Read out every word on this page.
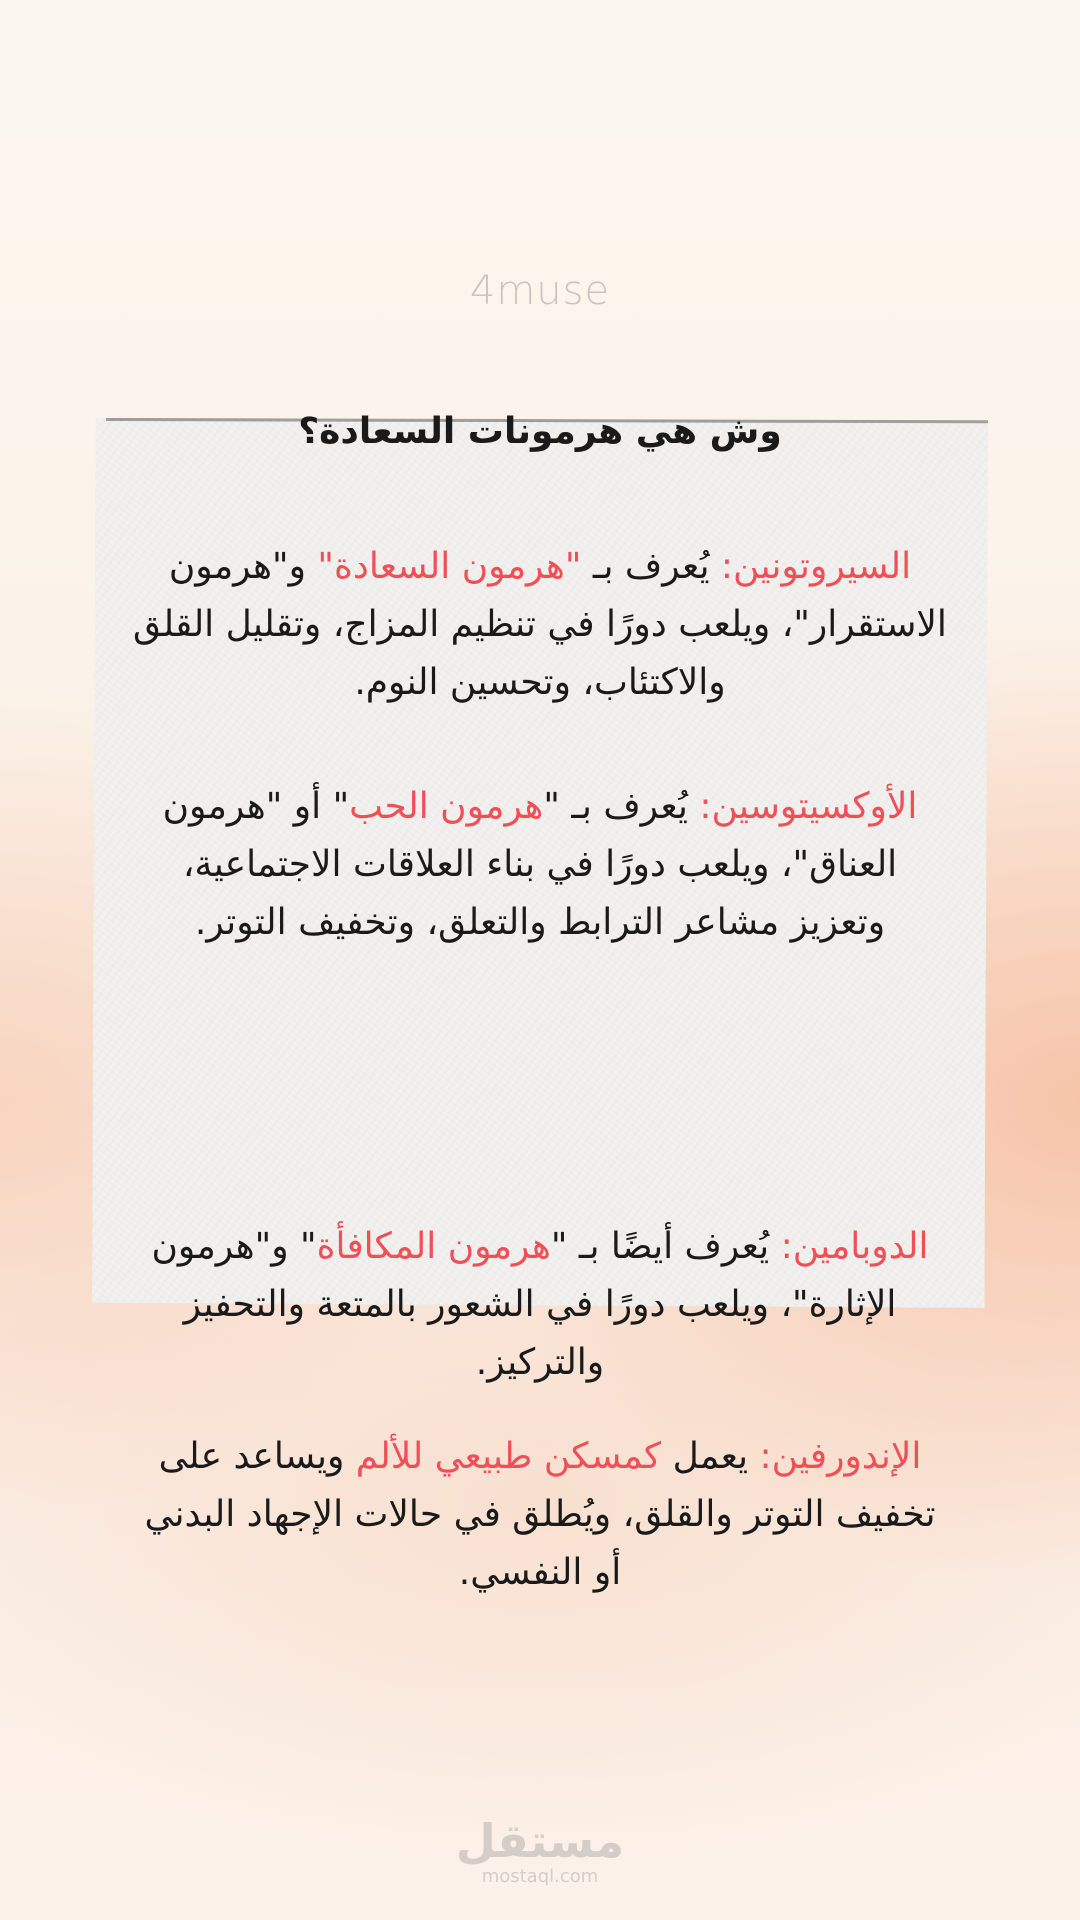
4muse
وش هي هرمونات السعادة؟
السيروتونين: يُعرف بـ "هرمون السعادة" و"هرمون الاستقرار"، ويلعب دورًا في تنظيم المزاج، وتقليل القلق والاكتئاب، وتحسين النوم.
الأوكسيتوسين: يُعرف بـ "هرمون الحب" أو "هرمون العناق"، ويلعب دورًا في بناء العلاقات الاجتماعية، وتعزيز مشاعر الترابط والتعلق، وتخفيف التوتر.
الدوبامين: يُعرف أيضًا بـ "هرمون المكافأة" و"هرمون الإثارة"، ويلعب دورًا في الشعور بالمتعة والتحفيز والتركيز.
الإندورفين: يعمل كمسكن طبيعي للألم ويساعد على تخفيف التوتر والقلق، ويُطلق في حالات الإجهاد البدني أو النفسي.
مستقل
mostaql.com
